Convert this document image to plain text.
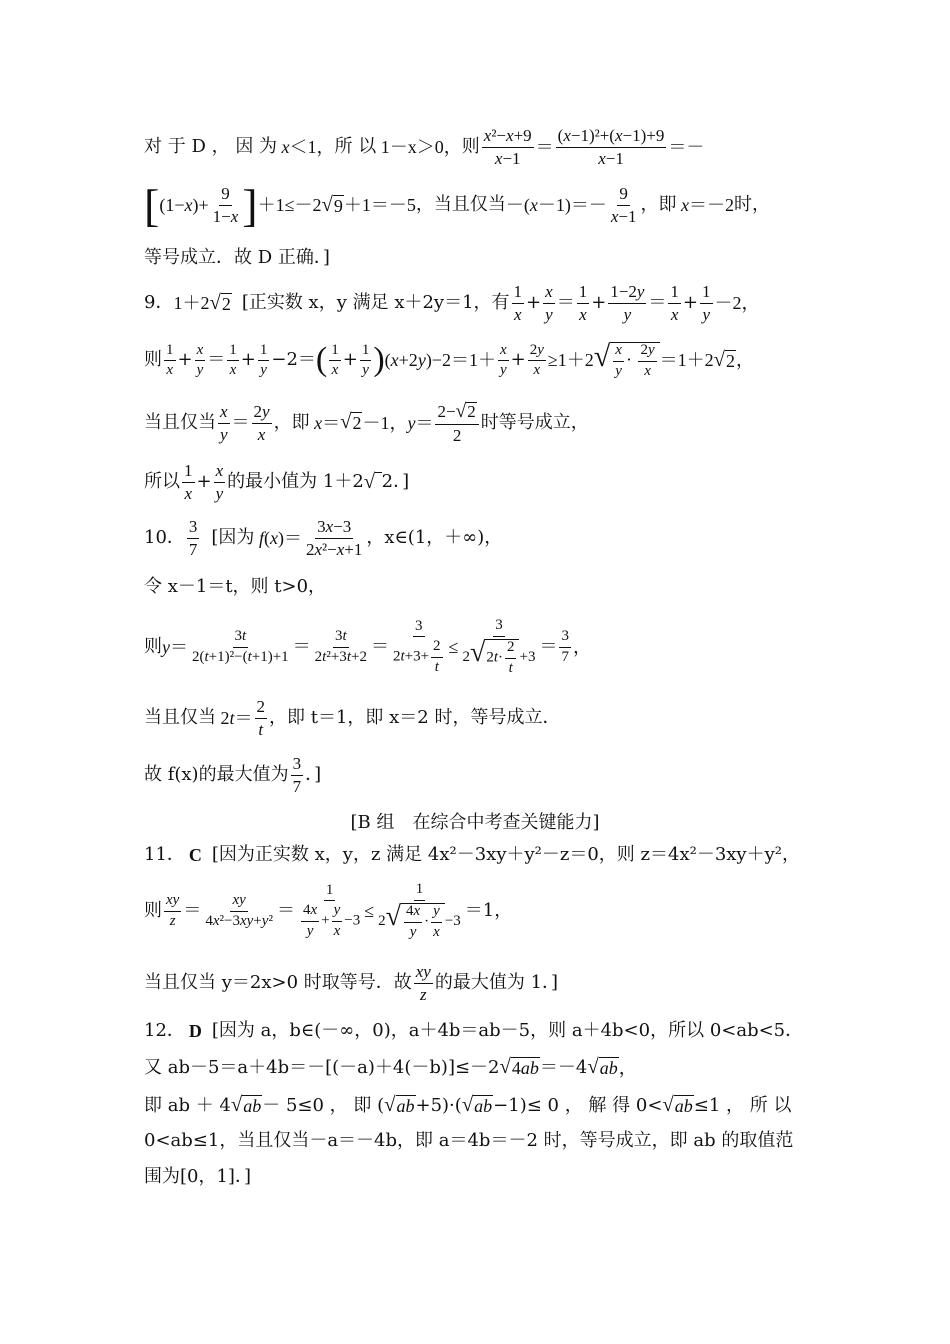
对 于 D ， 因 为 x ＜1， 所 以 1－x＞0， 则 $\frac{\text{x²−x+9}}{x-1} = \frac{\text{(x−1)²+(x−1)+9}}{x-1}$ ＝－
[ $(1-x)+ \frac{9}{1-x}$ ] ＋1≤－2 √ 9 ＋1＝－5 ，当且仅当 $-(x-1)=- \frac{9}{x-1}$ ，即 x＝－2 时，
等号成立．故 D 正确．]
9． 1＋2 √ 2 [正实数 x，y 满足 x＋2y＝1，有 $\frac{1}{x} + \frac{x}{y} = \frac{1}{x} + \frac{1-2y}{y} = \frac{1}{x} + \frac{1}{y} -2$，
则 $\frac{1}{x} + \frac{x}{y} = \frac{1}{x} + \frac{1}{y} -2=$ ( $\frac{1}{x} + \frac{1}{y}$ ) $(x+2y)-2=1+ \frac{x}{y} + \frac{2y}{x} \ge 1+2$ √ $\frac{x}{y} \cdot \frac{2y}{x} =1+2$ √ 2 ，
当且仅当 $\frac{x}{y} = \frac{2y}{x}$ ，即 x＝ √ 2 －1，$y= \frac{2- √ 2}{2}$ 时等号成立，
所以 $\frac{1}{x} + \frac{x}{y}$ 的最小值为 1＋2 √
2．]
10． $\frac{3}{7}$ [因为 $f(x)= \frac{3x-3}{\text{2x²−x+1}}$ ，x∈(1，＋∞)，
令 x－1＝t，则 t>0，
则 $y= \frac{3t}{\text{2(t+1)²−(t+1)+1}} = \frac{3t}{\text{2t²+3t+2}} = \frac{3}{2t+3+ \frac{2}{t}} \le \frac{3}{2 √ 2t\cdot \frac{2}{t} +3} = \frac{3}{7}$ ，
当且仅当 $2t= \frac{2}{t}$ ，即 t＝1，即 x＝2 时，等号成立．
故 f(x)的最大值为 $\frac{3}{7}$ ．]
[B 组　在综合中考查关键能力]
11． C [因为正实数 x，y，z 满足 4x²－3xy＋y²－z＝0，则 z＝4x²－3xy＋y²，
则 $\frac{xy}{z} = \frac{xy}{\text{4x²−3xy+y²}} = \frac{1}{\frac{4x}{y} + \frac{y}{x} -3} \le \frac{1}{2 √ \frac{4x}{y} \cdot \frac{y}{x} -3} =1$，
当且仅当 y＝2x>0 时取等号．故 $\frac{xy}{z}$ 的最大值为 1．]
12． D [因为 a，b∈(－∞，0)，a＋4b＝ab－5，则 a＋4b<0，所以 0<ab<5．
又 ab－5＝a＋4b＝－[(－a)＋4(－b)]≤－2 √ 4ab ＝－4 √ ab ，
即 ab ＋ 4 √ ab － 5≤0 ， 即 ( √ ab +5)·( √ ab −1)≤ 0 ， 解 得 0< √ ab ≤1 ， 所 以
0<ab≤1，当且仅当－a＝－4b，即 a＝4b＝－2 时，等号成立，即 ab 的取值范
围为[0，1]．]
